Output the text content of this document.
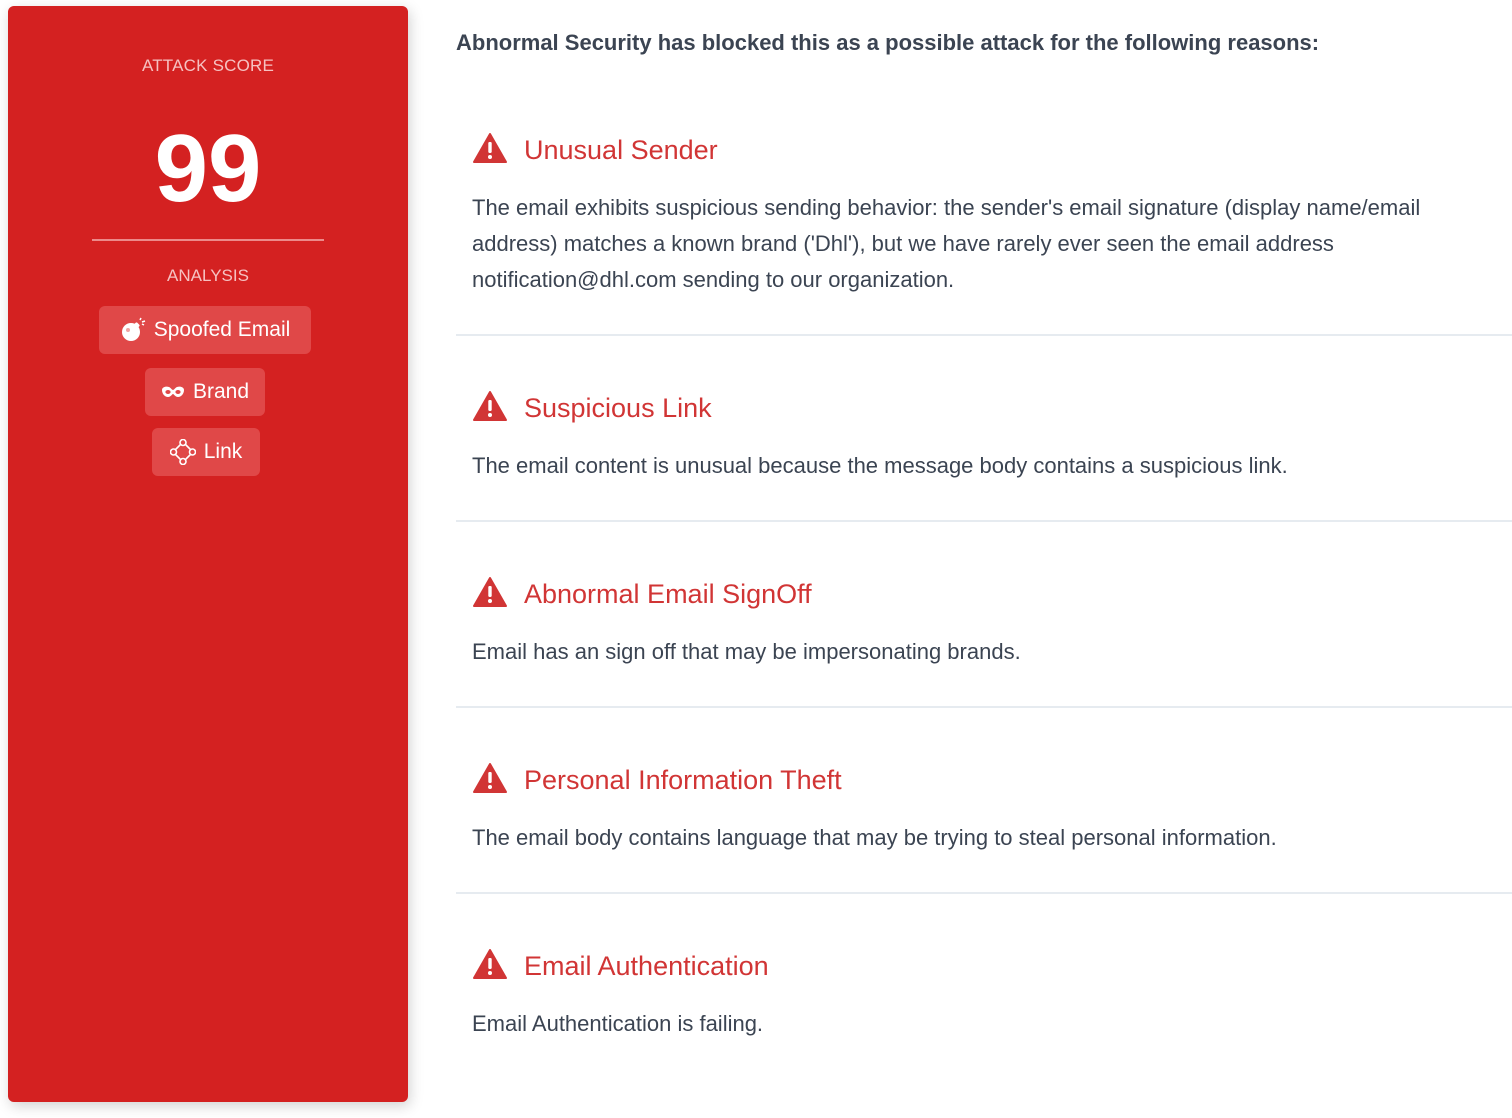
ATTACK SCORE
99
ANALYSIS
Spoofed Email
Brand
Link
Abnormal Security has blocked this as a possible attack for the following reasons:
Unusual Sender
The email exhibits suspicious sending behavior: the sender's email signature (display name/email address) matches a known brand ('Dhl'), but we have rarely ever seen the email address notification@dhl.com sending to our organization.
Suspicious Link
The email content is unusual because the message body contains a suspicious link.
Abnormal Email SignOff
Email has an sign off that may be impersonating brands.
Personal Information Theft
The email body contains language that may be trying to steal personal information.
Email Authentication
Email Authentication is failing.
